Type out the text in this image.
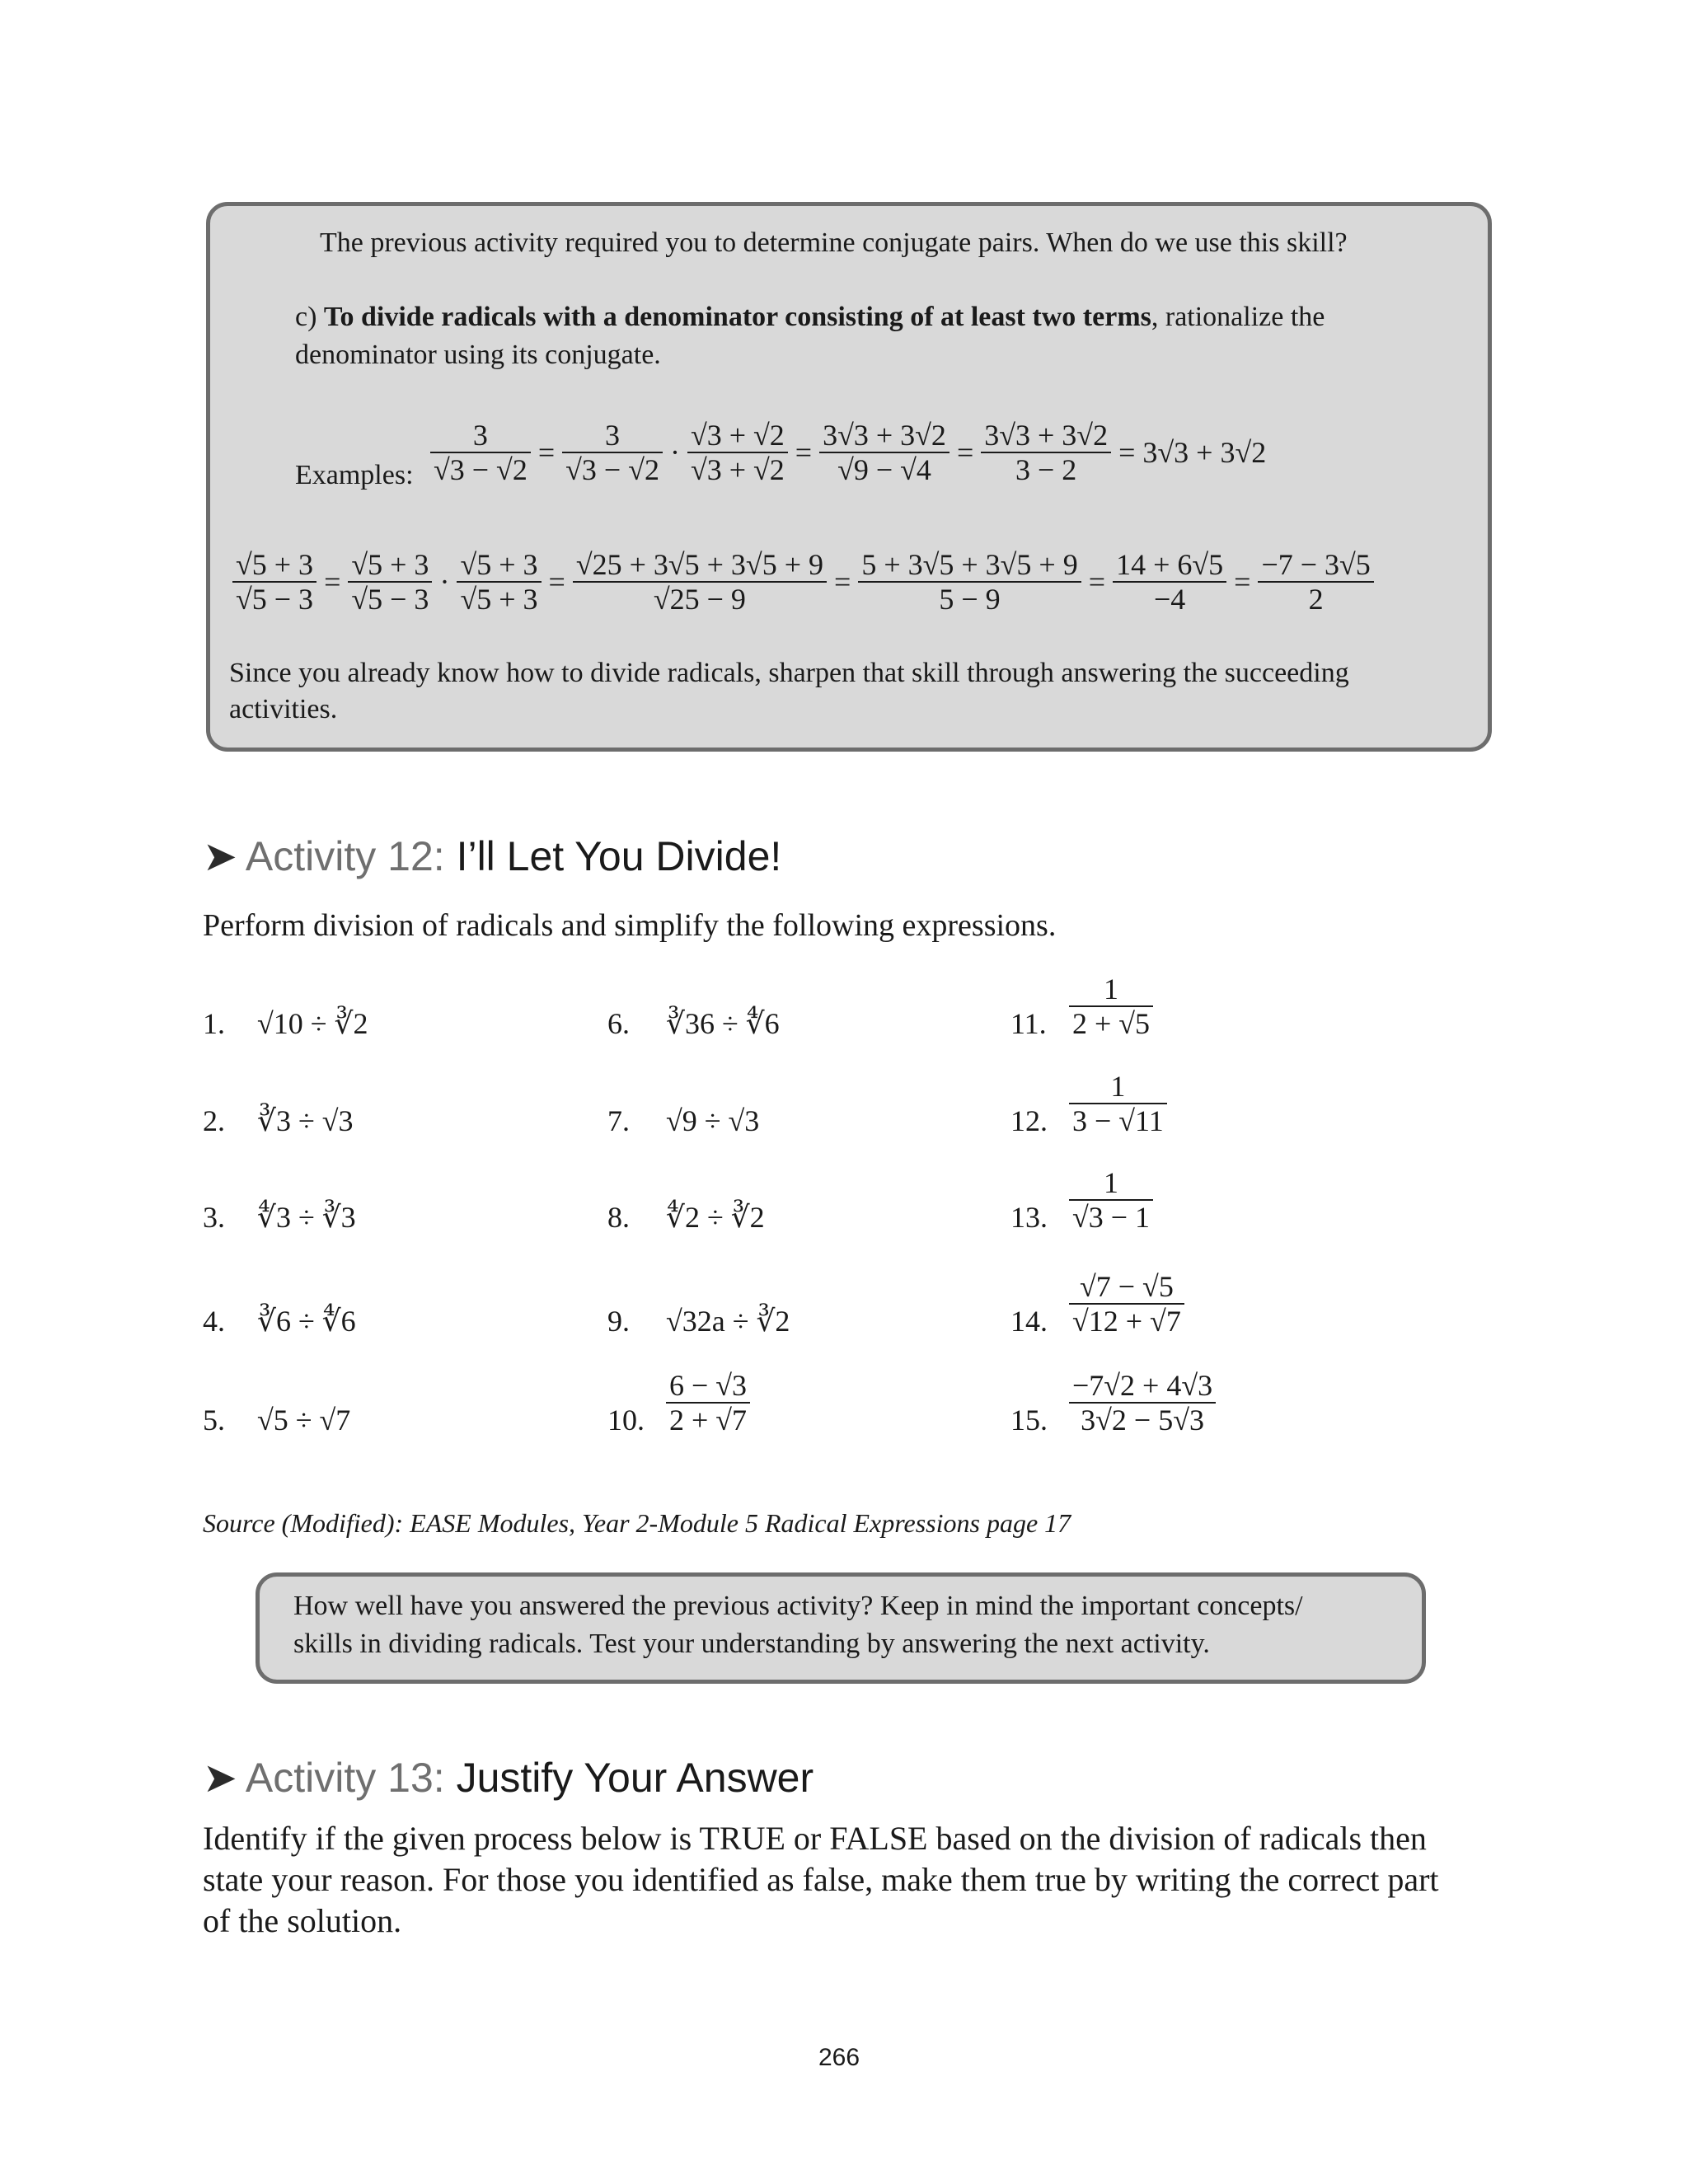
The previous activity required you to determine conjugate pairs. When do we use this skill?
c) To divide radicals with a denominator consisting of at least two terms, rationalize the
denominator using its conjugate.
Examples: $\frac{3}{√3 - √2} = \frac{3}{√3 - √2} \cdot \frac{√3 + √2}{√3 + √2} = \frac{3√3 + 3√2}{√9 - √4} = \frac{3√3 + 3√2}{3 - 2} = 3√3 + 3√2$
$\frac{√5 + 3}{√5 - 3} = \frac{√5 + 3}{√5 - 3} \cdot \frac{√5 + 3}{√5 + 3} = \frac{√25 + 3√5 + 3√5 + 9}{√25 - 9} = \frac{5 + 3√5 + 3√5 + 9}{5 - 9} = \frac{14 + 6√5}{-4} = \frac{-7 - 3√5}{2}$
Since you already know how to divide radicals, sharpen that skill through answering the succeeding
activities.
➤ Activity 12: I’ll Let You Divide!
Perform division of radicals and simplify the following expressions.
1. √10 ÷ ∛2
2. ∛3 ÷ √3
3. ∜3 ÷ ∛3
4. ∛6 ÷ ∜6
5. √5 ÷ √7
6. ∛36 ÷ ∜6
7. √9 ÷ √3
8. ∜2 ÷ ∛2
9. √32a ÷ ∛2
10. $\frac{6 - √3}{2 + √7}$
11. $\frac{1}{2 + √5}$
12. $\frac{1}{3 - √11}$
13. $\frac{1}{√3 - 1}$
14. $\frac{√7 - √5}{√12 + √7}$
15. $\frac{-7√2 + 4√3}{3√2 - 5√3}$
Source (Modified): EASE Modules, Year 2-Module 5 Radical Expressions page 17
How well have you answered the previous activity? Keep in mind the important concepts/
skills in dividing radicals. Test your understanding by answering the next activity.
➤ Activity 13: Justify Your Answer
Identify if the given process below is TRUE or FALSE based on the division of radicals then
state your reason. For those you identified as false, make them true by writing the correct part
of the solution.
266
